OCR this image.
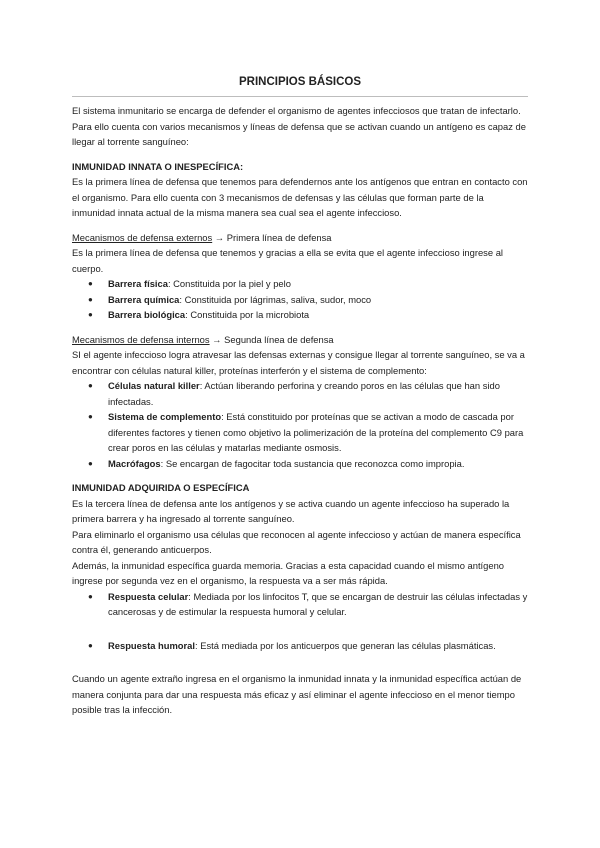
PRINCIPIOS BÁSICOS

El sistema inmunitario se encarga de defender el organismo de agentes infecciosos que tratan de infectarlo. Para ello cuenta con varios mecanismos y líneas de defensa que se activan cuando un antígeno es capaz de llegar al torrente sanguíneo:

INMUNIDAD INNATA O INESPECÍFICA:

Es la primera línea de defensa que tenemos para defendernos ante los antígenos que entran en contacto con el organismo. Para ello cuenta con 3 mecanismos de defensas y las células que forman parte de la inmunidad innata actual de la misma manera sea cual sea el agente infeccioso.

Mecanismos de defensa externos → Primera línea de defensa

Es la primera línea de defensa que tenemos y gracias a ella se evita que el agente infeccioso ingrese al cuerpo.

● Barrera física: Constituida por la piel y pelo
● Barrera química: Constituida por lágrimas, saliva, sudor, moco
● Barrera biológica: Constituida por la microbiota

Mecanismos de defensa internos → Segunda línea de defensa

SI el agente infeccioso logra atravesar las defensas externas y consigue llegar al torrente sanguíneo, se va a encontrar con células natural killer, proteínas interferón y el sistema de complemento:

● Células natural killer: Actúan liberando perforina y creando poros en las células que han sido infectadas.
● Sistema de complemento: Está constituido por proteínas que se activan a modo de cascada por diferentes factores y tienen como objetivo la polimerización de la proteína del complemento C9 para crear poros en las células y matarlas mediante osmosis.
● Macrófagos: Se encargan de fagocitar toda sustancia que reconozca como impropia.

INMUNIDAD ADQUIRIDA O ESPECÍFICA

Es la tercera línea de defensa ante los antígenos y se activa cuando un agente infeccioso ha superado la primera barrera y ha ingresado al torrente sanguíneo.

Para eliminarlo el organismo usa células que reconocen al agente infeccioso y actúan de manera específica contra él, generando anticuerpos.

Además, la inmunidad específica guarda memoria. Gracias a esta capacidad cuando el mismo antígeno ingrese por segunda vez en el organismo, la respuesta va a ser más rápida.

● Respuesta celular: Mediada por los linfocitos T, que se encargan de destruir las células infectadas y cancerosas y de estimular la respuesta humoral y celular.
● Respuesta humoral: Está mediada por los anticuerpos que generan las células plasmáticas.

Cuando un agente extraño ingresa en el organismo la inmunidad innata y la inmunidad específica actúan de manera conjunta para dar una respuesta más eficaz y así eliminar el agente infeccioso en el menor tiempo posible tras la infección.
